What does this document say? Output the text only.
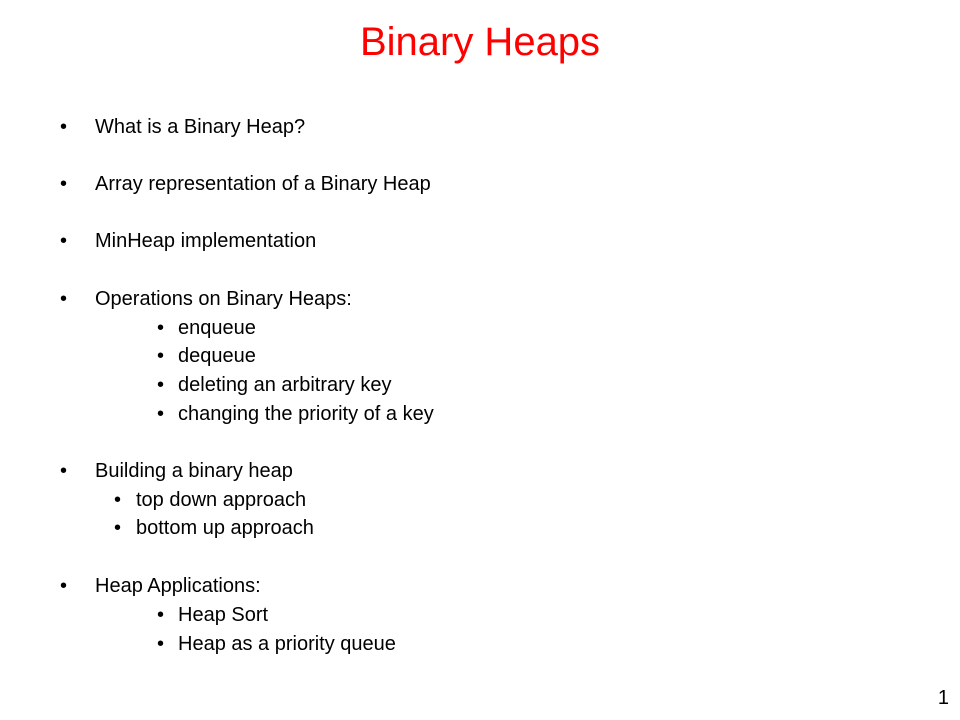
Binary Heaps
• What is a Binary Heap?
• Array representation of a Binary Heap
• MinHeap implementation
• Operations on Binary Heaps:
• enqueue
• dequeue
• deleting an arbitrary key
• changing the priority of a key
• Building a binary heap
• top down approach
• bottom up approach
• Heap Applications:
• Heap Sort
• Heap as a priority queue
1
